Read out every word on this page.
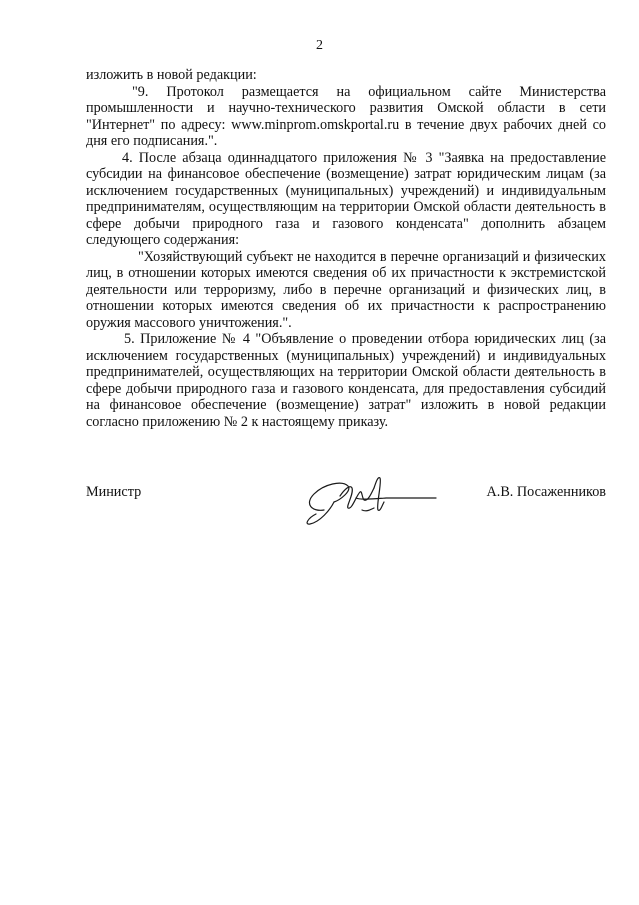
2

изложить в новой редакции:

"9. Протокол размещается на официальном сайте Министерства промышленности и научно-технического развития Омской области в сети "Интернет" по адресу: www.minprom.omskportal.ru в течение двух рабочих дней со дня его подписания.".

4. После абзаца одиннадцатого приложения № 3 "Заявка на предоставление субсидии на финансовое обеспечение (возмещение) затрат юридическим лицам (за исключением государственных (муниципальных) учреждений) и индивидуальным предпринимателям, осуществляющим на территории Омской области деятельность в сфере добычи природного газа и газового конденсата" дополнить абзацем следующего содержания:

"Хозяйствующий субъект не находится в перечне организаций и физических лиц, в отношении которых имеются сведения об их причастности к экстремистской деятельности или терроризму, либо в перечне организаций и физических лиц, в отношении которых имеются сведения об их причастности к распространению оружия массового уничтожения.".

5. Приложение № 4 "Объявление о проведении отбора юридических лиц (за исключением государственных (муниципальных) учреждений) и индивидуальных предпринимателей, осуществляющих на территории Омской области деятельность в сфере добычи природного газа и газового конденсата, для предоставления субсидий на финансовое обеспечение (возмещение) затрат" изложить в новой редакции согласно приложению № 2 к настоящему приказу.

Министр	А.В. Посаженников
